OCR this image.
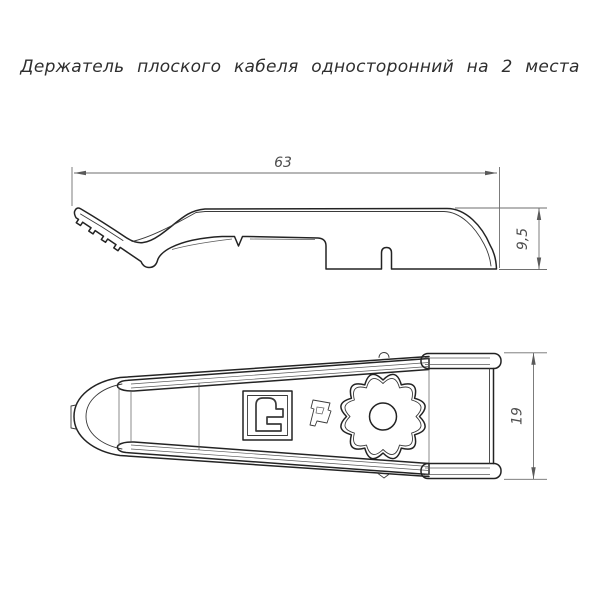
Держатель плоского кабеля односторонний на 2 места
63
9,5
19
